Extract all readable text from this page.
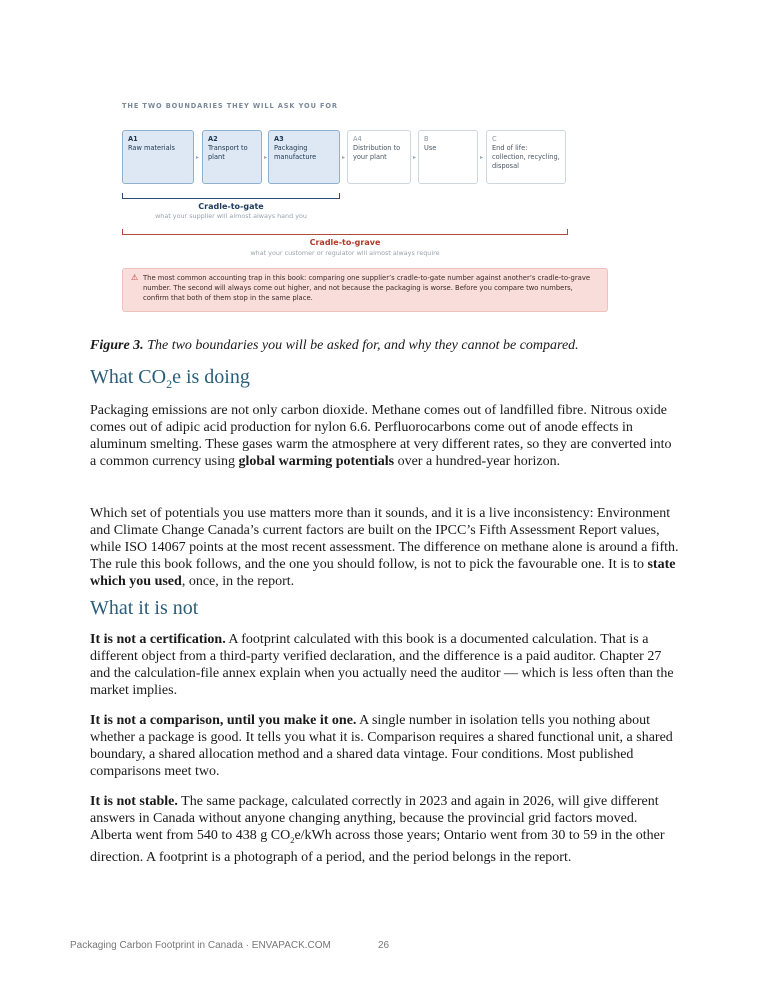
THE TWO BOUNDARIES THEY WILL ASK YOU FOR
A1
Raw materials
▸
A2
Transport to plant	▸
A3
Packaging manufacture	▸
A4
Distribution to your plant	▸
B
Use
▸
C
End of life: collection, recycling, disposal
Cradle-to-gate
what your supplier will almost always hand you
Cradle-to-grave
what your customer or regulator will almost always require
⚠ The most common accounting trap in this book: comparing one supplier’s cradle-to-gate number against another’s cradle-to-grave number. The second will always come out higher, and not because the packaging is worse. Before you compare two numbers, confirm that both of them stop in the same place.
Figure 3. The two boundaries you will be asked for, and why they cannot be compared.
What $CO_2e$ is doing

Packaging emissions are not only carbon dioxide. Methane comes out of landfilled fibre. Nitrous oxide comes out of adipic acid production for nylon 6.6. Perfluorocarbons come out of anode effects in aluminum smelting. These gases warm the atmosphere at very different rates, so they are converted into a common currency using global warming potentials over a hundred-year horizon.

Which set of potentials you use matters more than it sounds, and it is a live inconsistency: Environment and Climate Change Canada’s current factors are built on the IPCC’s Fifth Assessment Report values, while ISO 14067 points at the most recent assessment. The difference on methane alone is around a fifth. The rule this book follows, and the one you should follow, is not to pick the favourable one. It is to state which you used, once, in the report.

What it is not

It is not a certification. A footprint calculated with this book is a documented calculation. That is a different object from a third-party verified declaration, and the difference is a paid auditor. Chapter 27 and the calculation-file annex explain when you actually need the auditor — which is less often than the market implies.

It is not a comparison, until you make it one. A single number in isolation tells you nothing about whether a package is good. It tells you what it is. Comparison requires a shared functional unit, a shared boundary, a shared allocation method and a shared data vintage. Four conditions. Most published comparisons meet two.

It is not stable. The same package, calculated correctly in 2023 and again in 2026, will give different answers in Canada without anyone changing anything, because the provincial grid factors moved. Alberta went from 540 to 438 g $CO_2e$/kWh across those years; Ontario went from 30 to 59 in the other direction. A footprint is a photograph of a period, and the period belongs in the report.

Packaging Carbon Footprint in Canada · ENVAPACK.COM	26
